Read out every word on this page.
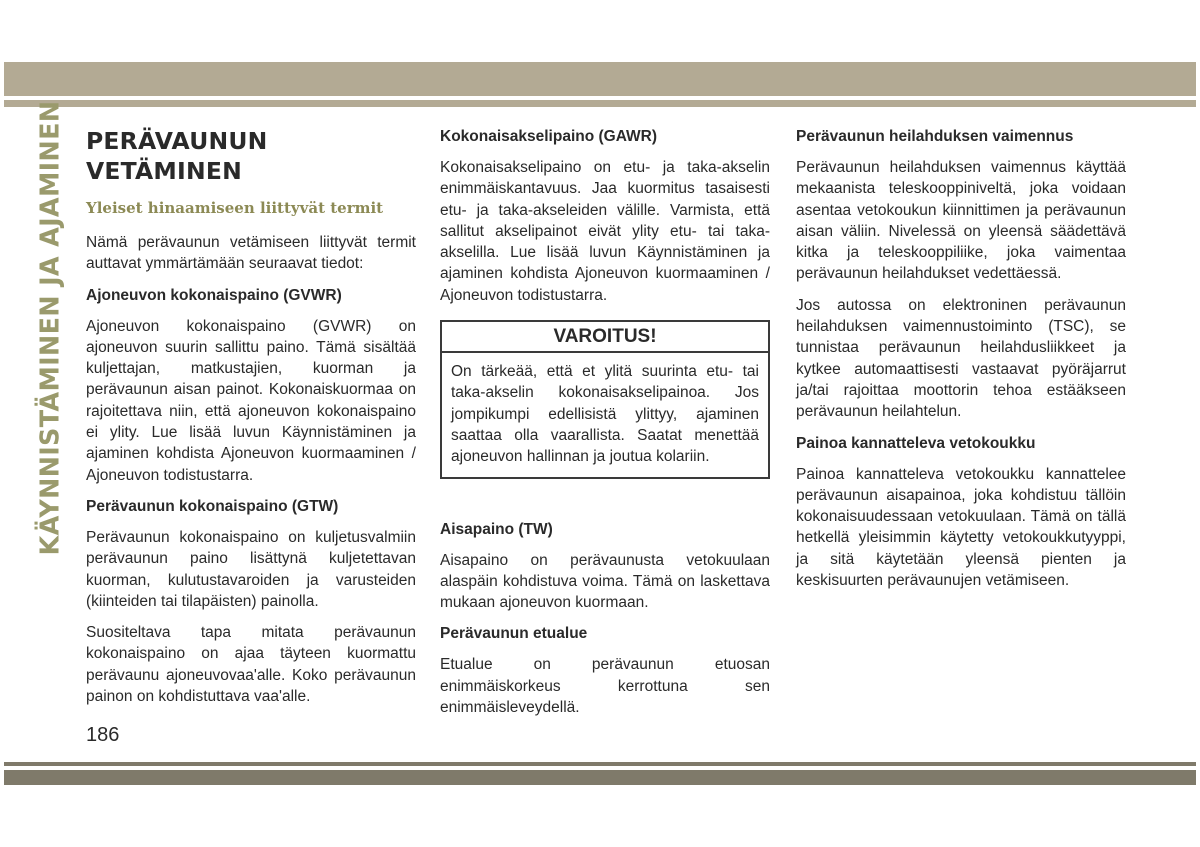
KÄYNNISTÄMINEN JA AJAMINEN PERÄVAUNUN VETÄMINEN
Yleiset hinaamiseen liittyvät termit

Nämä perävaunun vetämiseen liittyvät termit auttavat ymmärtämään seuraavat tiedot:

Ajoneuvon kokonaispaino (GVWR)

Ajoneuvon kokonaispaino (GVWR) on ajoneuvon suurin sallittu paino. Tämä sisältää kuljettajan, matkustajien, kuorman ja perävaunun aisan painot. Kokonaiskuormaa on rajoitettava niin, että ajoneuvon kokonaispaino ei ylity. Lue lisää luvun Käynnistäminen ja ajaminen kohdista Ajoneuvon kuormaaminen / Ajoneuvon todistustarra.

Perävaunun kokonaispaino (GTW)

Perävaunun kokonaispaino on kuljetusvalmiin perävaunun paino lisättynä kuljetettavan kuorman, kulutustavaroiden ja varusteiden (kiinteiden tai tilapäisten) painolla.

Suositeltava tapa mitata perävaunun kokonaispaino on ajaa täyteen kuormattu perävaunu ajoneuvovaa'alle. Koko perävaunun painon on kohdistuttava vaa'alle.

Kokonaisakselipaino (GAWR)

Kokonaisakselipaino on etu- ja taka-akselin enimmäiskantavuus. Jaa kuormitus tasaisesti etu- ja taka-akseleiden välille. Varmista, että sallitut akselipainot eivät ylity etu- tai taka-akselilla. Lue lisää luvun Käynnistäminen ja ajaminen kohdista Ajoneuvon kuormaaminen / Ajoneuvon todistustarra.

VAROITUS!

On tärkeää, että et ylitä suurinta etu- tai taka-akselin kokonaisakselipainoa. Jos jompikumpi edellisistä ylittyy, ajaminen saattaa olla vaarallista. Saatat menettää ajoneuvon hallinnan ja joutua kolariin.

Aisapaino (TW)

Aisapaino on perävaunusta vetokuulaan alaspäin kohdistuva voima. Tämä on laskettava mukaan ajoneuvon kuormaan.

Perävaunun etualue

Etualue on perävaunun etuosan enimmäiskorkeus kerrottuna sen enimmäisleveydellä.

Perävaunun heilahduksen vaimennus

Perävaunun heilahduksen vaimennus käyttää mekaanista teleskooppiniveltä, joka voidaan asentaa vetokoukun kiinnittimen ja perävaunun aisan väliin. Nivelessä on yleensä säädettävä kitka ja teleskooppiliike, joka vaimentaa perävaunun heilahdukset vedettäessä.

Jos autossa on elektroninen perävaunun heilahduksen vaimennustoiminto (TSC), se tunnistaa perävaunun heilahdusliikkeet ja kytkee automaattisesti vastaavat pyöräjarrut ja/tai rajoittaa moottorin tehoa estääkseen perävaunun heilahtelun.

Painoa kannatteleva vetokoukku

Painoa kannatteleva vetokoukku kannattelee perävaunun aisapainoa, joka kohdistuu tällöin kokonaisuudessaan vetokuulaan. Tämä on tällä hetkellä yleisimmin käytetty vetokoukkutyyppi, ja sitä käytetään yleensä pienten ja keskisuurten perävaunujen vetämiseen.

186
